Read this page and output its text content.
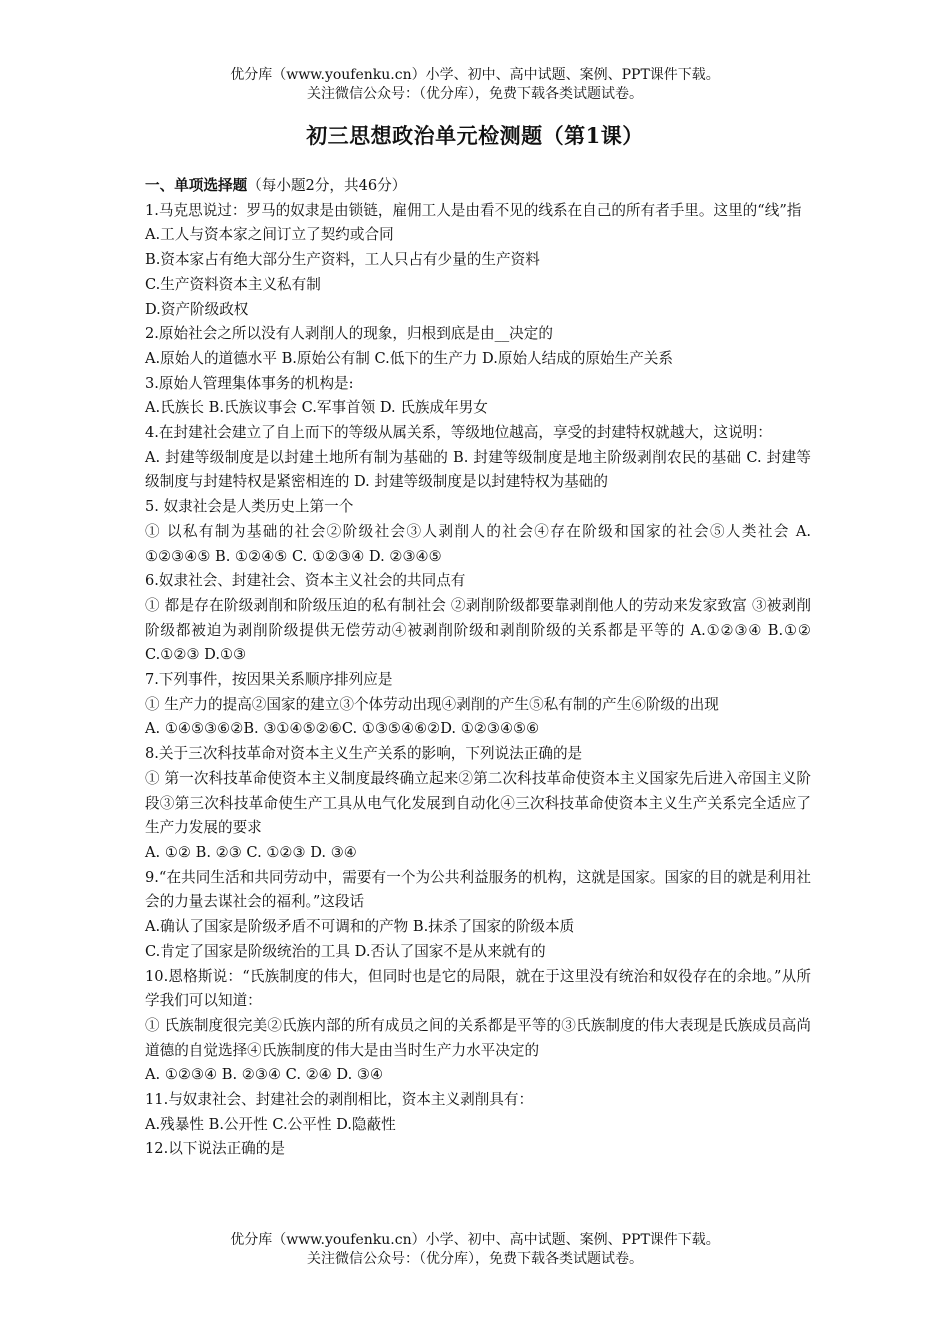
优分库（www.youfenku.cn）小学、初中、高中试题、案例、PPT课件下载。
关注微信公众号：（优分库），免费下载各类试题试卷。
初三思想政治单元检测题（第1课）

一、单项选择题（每小题2分，共46分）

1.马克思说过：罗马的奴隶是由锁链，雇佣工人是由看不见的线系在自己的所有者手里。这里的“线”指

A.工人与资本家之间订立了契约或合同

B.资本家占有绝大部分生产资料，工人只占有少量的生产资料

C.生产资料资本主义私有制

D.资产阶级政权

2.原始社会之所以没有人剥削人的现象，归根到底是由__决定的

A.原始人的道德水平 B.原始公有制 C.低下的生产力 D.原始人结成的原始生产关系

3.原始人管理集体事务的机构是:

A.氏族长 B.氏族议事会 C.军事首领 D. 氏族成年男女

4.在封建社会建立了自上而下的等级从属关系，等级地位越高，享受的封建特权就越大，这说明：

A. 封建等级制度是以封建土地所有制为基础的 B. 封建等级制度是地主阶级剥削农民的基础 C. 封建等级制度与封建特权是紧密相连的 D. 封建等级制度是以封建特权为基础的

5. 奴隶社会是人类历史上第一个

① 以私有制为基础的社会②阶级社会③人剥削人的社会④存在阶级和国家的社会⑤人类社会 A. ①②③④⑤ B. ①②④⑤ C. ①②③④ D. ②③④⑤

6.奴隶社会、封建社会、资本主义社会的共同点有

① 都是存在阶级剥削和阶级压迫的私有制社会 ②剥削阶级都要靠剥削他人的劳动来发家致富 ③被剥削阶级都被迫为剥削阶级提供无偿劳动④被剥削阶级和剥削阶级的关系都是平等的 A.①②③④ B.①② C.①②③ D.①③

7.下列事件，按因果关系顺序排列应是

① 生产力的提高②国家的建立③个体劳动出现④剥削的产生⑤私有制的产生⑥阶级的出现

A. ①④⑤③⑥②B. ③①④⑤②⑥C. ①③⑤④⑥②D. ①②③④⑤⑥

8.关于三次科技革命对资本主义生产关系的影响，下列说法正确的是

① 第一次科技革命使资本主义制度最终确立起来②第二次科技革命使资本主义国家先后进入帝国主义阶段③第三次科技革命使生产工具从电气化发展到自动化④三次科技革命使资本主义生产关系完全适应了生产力发展的要求

A. ①② B. ②③ C. ①②③ D. ③④

9.“在共同生活和共同劳动中，需要有一个为公共利益服务的机构，这就是国家。国家的目的就是利用社会的力量去谋社会的福利。”这段话

A.确认了国家是阶级矛盾不可调和的产物 B.抹杀了国家的阶级本质

C.肯定了国家是阶级统治的工具 D.否认了国家不是从来就有的

10.恩格斯说：“氏族制度的伟大，但同时也是它的局限，就在于这里没有统治和奴役存在的余地。”从所学我们可以知道：

① 氏族制度很完美②氏族内部的所有成员之间的关系都是平等的③氏族制度的伟大表现是氏族成员高尚道德的自觉选择④氏族制度的伟大是由当时生产力水平决定的

A. ①②③④ B. ②③④ C. ②④ D. ③④

11.与奴隶社会、封建社会的剥削相比，资本主义剥削具有：

A.残暴性 B.公开性 C.公平性 D.隐蔽性

12.以下说法正确的是

优分库（www.youfenku.cn）小学、初中、高中试题、案例、PPT课件下载。
关注微信公众号：（优分库），免费下载各类试题试卷。
